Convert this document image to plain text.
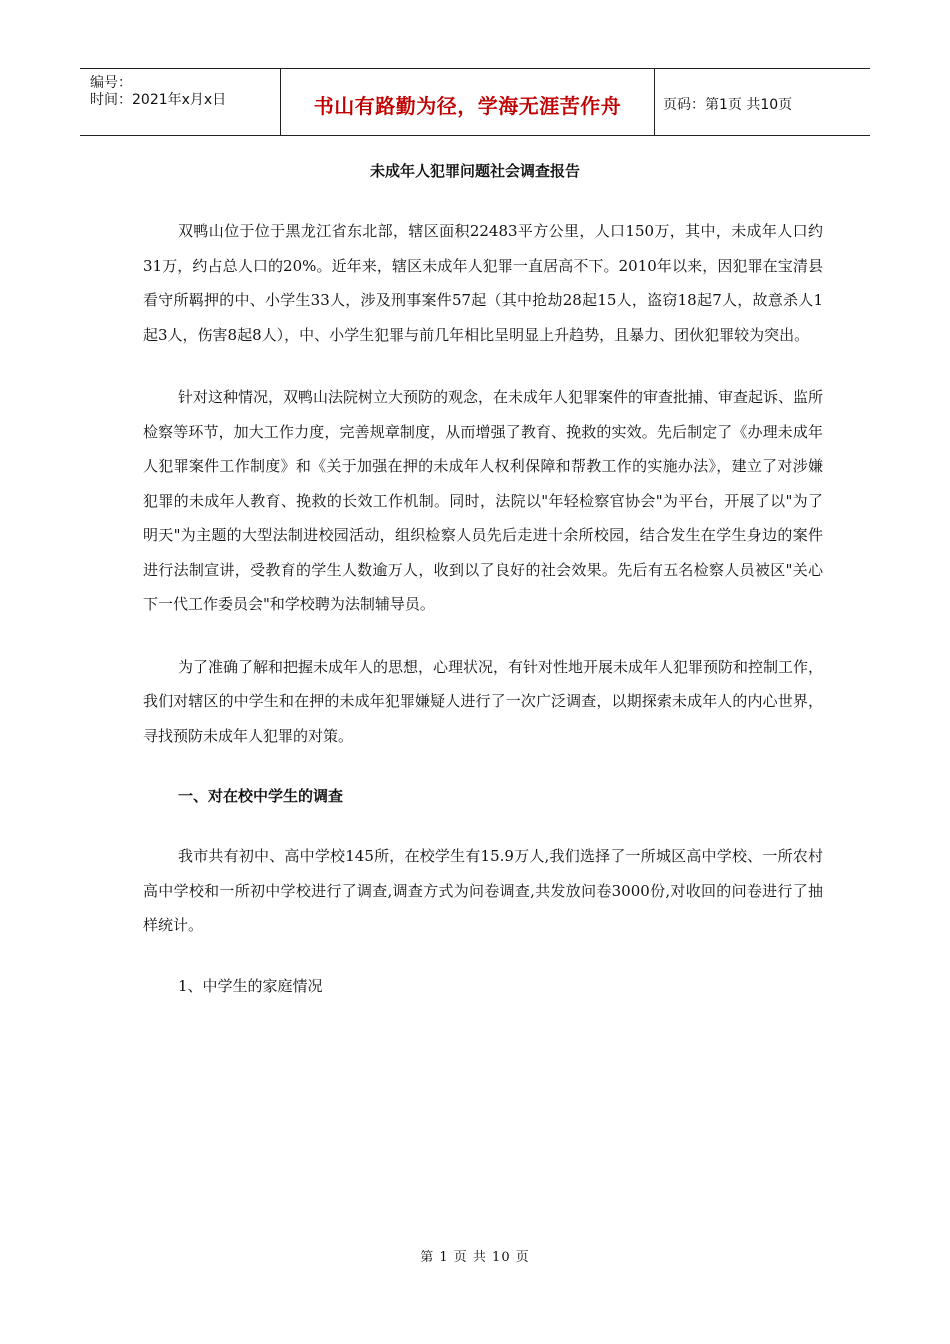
编号：
时间：2021年x月x日	书山有路勤为径，学海无涯苦作舟	页码：第1页 共10页
未成年人犯罪问题社会调查报告

双鸭山位于位于黑龙江省东北部，辖区面积22483平方公里，人口150万，其中，未成年人口约31万，约占总人口的20%。近年来，辖区未成年人犯罪一直居高不下。2010年以来，因犯罪在宝清县看守所羁押的中、小学生33人，涉及刑事案件57起（其中抢劫28起15人，盗窃18起7人，故意杀人1起3人，伤害8起8人），中、小学生犯罪与前几年相比呈明显上升趋势，且暴力、团伙犯罪较为突出。

针对这种情况，双鸭山法院树立大预防的观念，在未成年人犯罪案件的审查批捕、审查起诉、监所检察等环节，加大工作力度，完善规章制度，从而增强了教育、挽救的实效。先后制定了《办理未成年人犯罪案件工作制度》和《关于加强在押的未成年人权利保障和帮教工作的实施办法》，建立了对涉嫌犯罪的未成年人教育、挽救的长效工作机制。同时，法院以"年轻检察官协会"为平台，开展了以"为了明天"为主题的大型法制进校园活动，组织检察人员先后走进十余所校园，结合发生在学生身边的案件进行法制宣讲，受教育的学生人数逾万人，收到以了良好的社会效果。先后有五名检察人员被区"关心下一代工作委员会"和学校聘为法制辅导员。

为了准确了解和把握未成年人的思想，心理状况，有针对性地开展未成年人犯罪预防和控制工作，我们对辖区的中学生和在押的未成年犯罪嫌疑人进行了一次广泛调查，以期探索未成年人的内心世界，寻找预防未成年人犯罪的对策。

一、对在校中学生的调查

我市共有初中、高中学校145所，在校学生有15.9万人,我们选择了一所城区高中学校、一所农村高中学校和一所初中学校进行了调查,调查方式为问卷调查,共发放问卷3000份,对收回的问卷进行了抽样统计。

1、中学生的家庭情况

第 1 页 共 10 页
